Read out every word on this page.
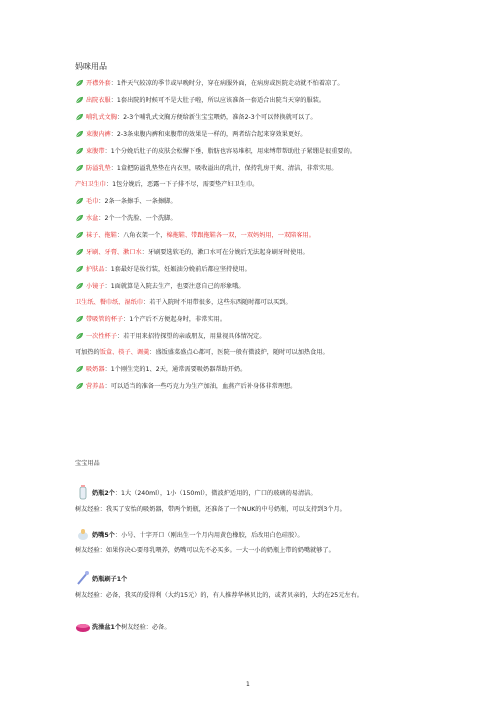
妈咪用品
开襟外套：1件天气较凉的季节或早晚时分，穿在病服外面，在病房或医院走动就不怕着凉了。
出院衣服：1套出院的时候可不是大肚子啦，所以应该准备一套适合出院当天穿的服装。
哺乳式文胸：2-3个哺乳式文胸方便给新生宝宝喂奶，准备2-3个可以替换就可以了。
束腹内裤：2-3条束腹内裤和束腹带的效果是一样的，两者结合起来穿效果更好。
束腹带：1个分娩后肚子的皮肤会松懈下垂，脂肪也容易堆积，用束缚带帮助肚子紧绷是很重要的。
防溢乳垫：1盒把防溢乳垫垫在内衣里，吸收溢出的乳汁，保持乳房干爽、清洁，非常实用。
产妇卫生巾：1包分娩后，恶露一下子排不尽，需要垫产妇卫生巾。
毛巾：2条一条擦手、一条擦脚。
水盆：2个一个洗脸、一个洗脚。
袜子、拖鞋：八角衣架一个，棉拖鞋、带跟拖鞋各一双，一双妈妈用，一双陪客用。
牙刷、牙膏、漱口水：牙刷要选软毛的，漱口水可在分娩后无法起身刷牙时使用。
护肤品：1套最好是妆行装，妊娠油分娩前后都应坚持使用。
小镜子：1面就算是入院去生产，也要注意自己的形象哦。
卫生纸、餐巾纸、湿纸巾：若干入院时不用带很多，这些东西随时都可以买到。
带吸管的杯子：1个产后不方便起身时，非常实用。
一次性杯子：若干用来招待探望的亲戚朋友，用量视具体情况定。
可加热的饭盒、筷子、调羹：盛饭盛菜盛点心都可，医院一般有微波炉，随时可以加热食用。
吸奶器：1个刚生完的1、2天，通常需要吸奶器帮助开奶。
营养品：可以适当的准备一些巧克力为生产加油，血燕产后补身体非常理想。
宝宝用品
奶瓶2个：1大（240ml），1小（150ml），微波炉适用的，广口的玻璃的易清洁。
树友经验：我买了安怡的吸奶器，带两个奶瓶，还准备了一个NUK的中号奶瓶，可以支持到3个月。
奶嘴5个：小号、十字开口（刚出生一个月内用黄色橡胶，后改用白色硅胶）。
树友经验：如果你决心要母乳喂养，奶嘴可以先不必买多。一大一小的奶瓶上带的奶嘴就够了。
奶瓶刷子1个
树友经验：必备，我买的爱得利（大约15元）的，有人推荐华林贝比的，或者贝亲的，大约在25元左右。
洗澡盆1个树友经验：必备。
1
